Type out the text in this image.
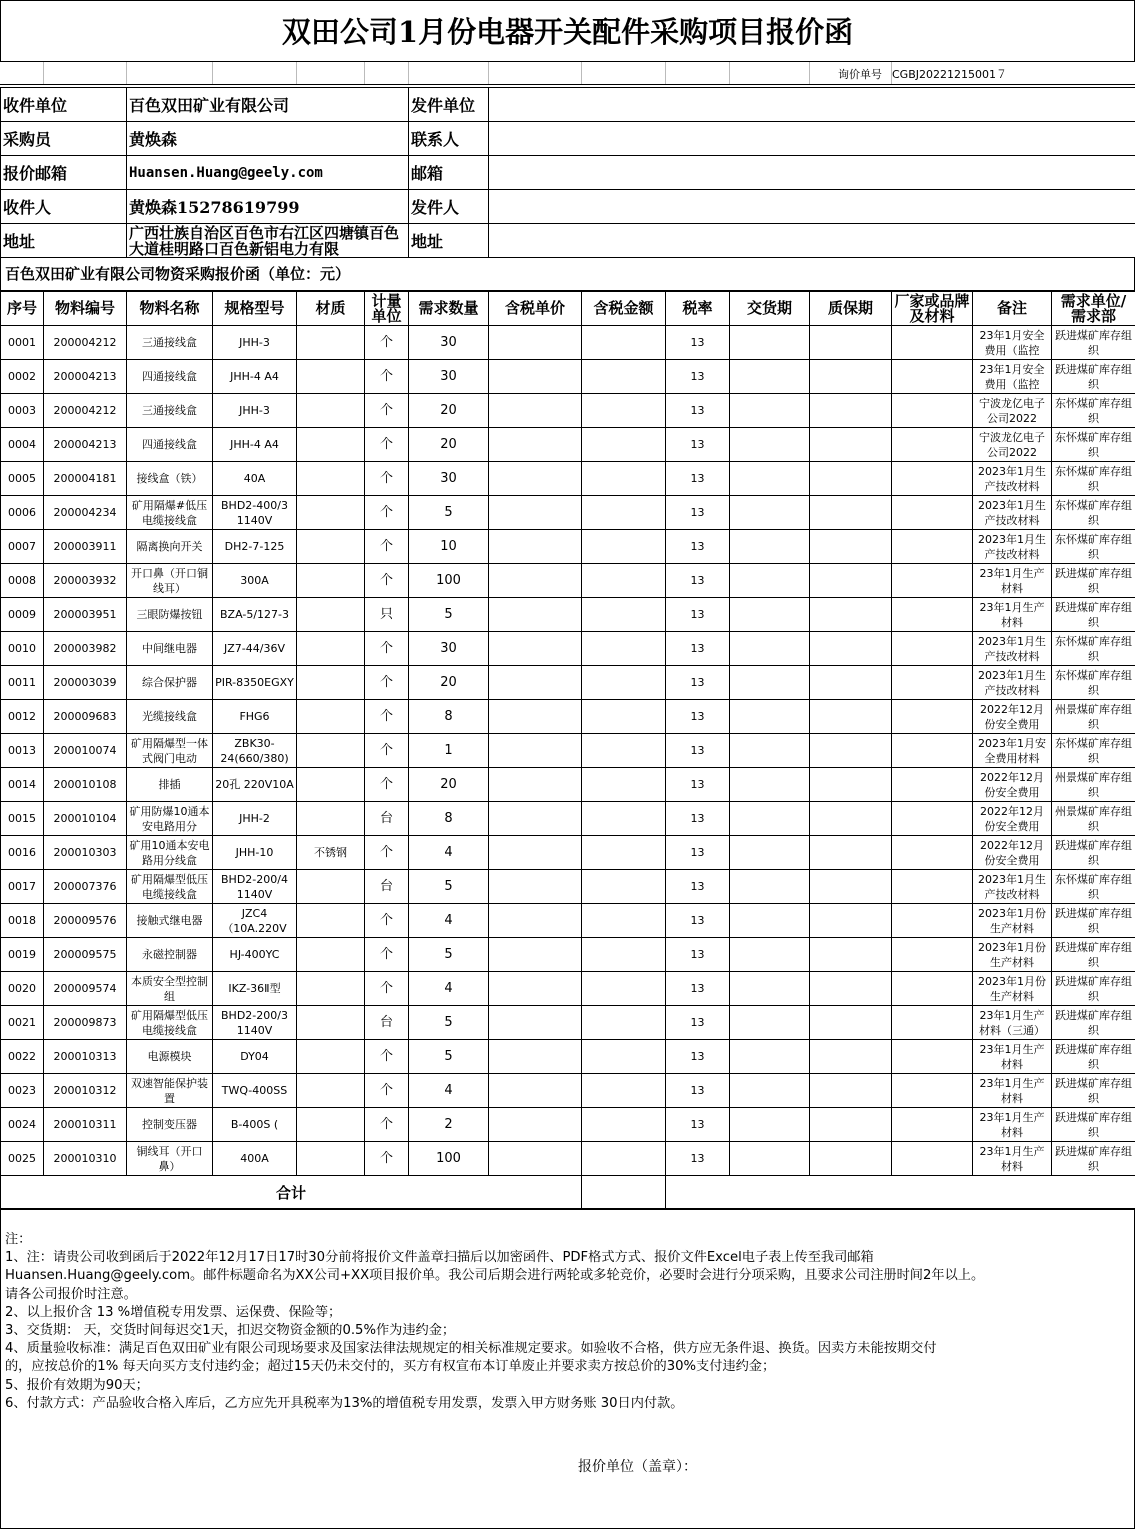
双田公司1月份电器开关配件采购项目报价函
询价单号 CGBJ20221215001７
收件单位	百色双田矿业有限公司	发件单位	
采购员	黄焕森	联系人	
报价邮箱	Huansen.Huang@geely.com	邮箱	
收件人	黄焕森15278619799	发件人	
地址	广西壮族自治区百色市右江区四塘镇百色大道桂明路口百色新铝电力有限	地址	
百色双田矿业有限公司物资采购报价函（单位：元）
序号	物料编号	物料名称	规格型号	材质	计量单位	需求数量	含税单价	含税金额	税率	交货期	质保期	厂家或品牌及材料	备注	需求单位/需求部
0001	200004212	三通接线盒	JHH-3		个	30			13				23年1月安全费用（监控	跃进煤矿库存组织
0002	200004213	四通接线盒	JHH-4 A4		个	30			13				23年1月安全费用（监控	跃进煤矿库存组织
0003	200004212	三通接线盒	JHH-3		个	20			13				宁波龙亿电子公司2022	东怀煤矿库存组织
0004	200004213	四通接线盒	JHH-4 A4		个	20			13				宁波龙亿电子公司2022	东怀煤矿库存组织
0005	200004181	接线盒（铁）	40A		个	30			13				2023年1月生产技改材料	东怀煤矿库存组织
0006	200004234	矿用隔爆#低压电缆接线盒	BHD2-400/3 1140V		个	5			13				2023年1月生产技改材料	东怀煤矿库存组织
0007	200003911	隔离换向开关	DH2-7-125		个	10			13				2023年1月生产技改材料	东怀煤矿库存组织
0008	200003932	开口鼻（开口铜线耳）	300A		个	100			13				23年1月生产材料	跃进煤矿库存组织
0009	200003951	三眼防爆按钮	BZA-5/127-3		只	5			13				23年1月生产材料	跃进煤矿库存组织
0010	200003982	中间继电器	JZ7-44/36V		个	30			13				2023年1月生产技改材料	东怀煤矿库存组织
0011	200003039	综合保护器	PIR-8350EGXY		个	20			13				2023年1月生产技改材料	东怀煤矿库存组织
0012	200009683	光缆接线盒	FHG6		个	8			13				2022年12月份安全费用	州景煤矿库存组织
0013	200010074	矿用隔爆型一体式阀门电动	ZBK30-24(660/380)		个	1			13				2023年1月安全费用材料	东怀煤矿库存组织
0014	200010108	排插	20孔 220V10A		个	20			13				2022年12月份安全费用	州景煤矿库存组织
0015	200010104	矿用防爆10通本安电路用分	JHH-2		台	8			13				2022年12月份安全费用	州景煤矿库存组织
0016	200010303	矿用10通本安电路用分线盒	JHH-10	不锈钢	个	4			13				2022年12月份安全费用	跃进煤矿库存组织
0017	200007376	矿用隔爆型低压电缆接线盒	BHD2-200/4 1140V		台	5			13				2023年1月生产技改材料	东怀煤矿库存组织
0018	200009576	接触式继电器	JZC4 （10A.220V		个	4			13				2023年1月份生产材料	跃进煤矿库存组织
0019	200009575	永磁控制器	HJ-400YC		个	5			13				2023年1月份生产材料	跃进煤矿库存组织
0020	200009574	本质安全型控制组	IKZ-36Ⅱ型		个	4			13				2023年1月份生产材料	跃进煤矿库存组织
0021	200009873	矿用隔爆型低压电缆接线盒	BHD2-200/3 1140V		台	5			13				23年1月生产材料（三通）	跃进煤矿库存组织
0022	200010313	电源模块	DY04		个	5			13				23年1月生产材料	跃进煤矿库存组织
0023	200010312	双速智能保护装置	TWQ-400SS		个	4			13				23年1月生产材料	跃进煤矿库存组织
0024	200010311	控制变压器	B-400S (		个	2			13				23年1月生产材料	跃进煤矿库存组织
0025	200010310	铜线耳（开口鼻）	400A		个	100			13				23年1月生产材料	跃进煤矿库存组织
合计		
注：
1、注：请贵公司收到函后于2022年12月17日17时30分前将报价文件盖章扫描后以加密函件、PDF格式方式、报价文件Excel电子表上传至我司邮箱
Huansen.Huang@geely.com。邮件标题命名为XX公司+XX项目报价单。我公司后期会进行两轮或多轮竞价，必要时会进行分项采购，且要求公司注册时间2年以上。
请各公司报价时注意。
2、以上报价含 13 %增值税专用发票、运保费、保险等；
3、交货期： 天，交货时间每迟交1天，扣迟交物资金额的0.5%作为违约金；
4、质量验收标准：满足百色双田矿业有限公司现场要求及国家法律法规规定的相关标准规定要求。如验收不合格，供方应无条件退、换货。因卖方未能按期交付
的，应按总价的1% 每天向买方支付违约金；超过15天仍未交付的，买方有权宣布本订单废止并要求卖方按总价的30%支付违约金；
5、报价有效期为90天；
6、付款方式：产品验收合格入库后，乙方应先开具税率为13%的增值税专用发票，发票入甲方财务账 30日内付款。
报价单位（盖章）：
